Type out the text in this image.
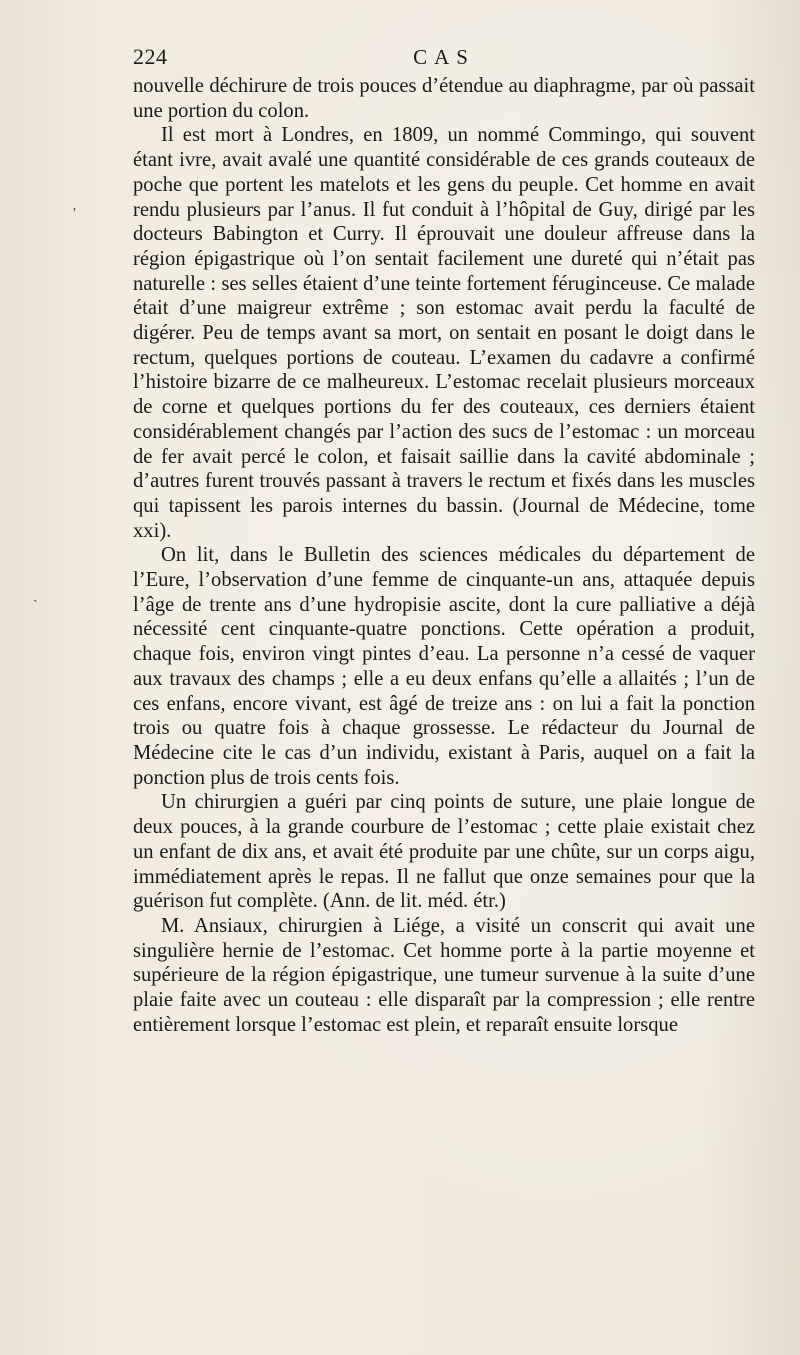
224	CAS

nouvelle déchirure de trois pouces d’étendue au diaphragme, par où passait une portion du colon.

Il est mort à Londres, en 1809, un nommé Commingo, qui souvent étant ivre, avait avalé une quantité considérable de ces grands couteaux de poche que portent les matelots et les gens du peuple. Cet homme en avait rendu plusieurs par l’anus. Il fut conduit à l’hôpital de Guy, dirigé par les docteurs Babington et Curry. Il éprouvait une douleur affreuse dans la région épigastrique où l’on sentait facilement une dureté qui n’était pas naturelle : ses selles étaient d’une teinte fortement féruginceuse. Ce malade était d’une maigreur extrême ; son estomac avait perdu la faculté de digérer. Peu de temps avant sa mort, on sentait en posant le doigt dans le rectum, quelques portions de couteau. L’examen du cadavre a confirmé l’histoire bizarre de ce malheureux. L’estomac recelait plusieurs morceaux de corne et quelques portions du fer des couteaux, ces derniers étaient considérablement changés par l’action des sucs de l’estomac : un morceau de fer avait percé le colon, et faisait saillie dans la cavité abdominale ; d’autres furent trouvés passant à travers le rectum et fixés dans les muscles qui tapissent les parois internes du bassin. (Journal de Médecine, tome xxi).

On lit, dans le Bulletin des sciences médicales du département de l’Eure, l’observation d’une femme de cinquante-un ans, attaquée depuis l’âge de trente ans d’une hydropisie ascite, dont la cure palliative a déjà nécessité cent cinquante-quatre ponctions. Cette opération a produit, chaque fois, environ vingt pintes d’eau. La personne n’a cessé de vaquer aux travaux des champs ; elle a eu deux enfans qu’elle a allaités ; l’un de ces enfans, encore vivant, est âgé de treize ans : on lui a fait la ponction trois ou quatre fois à chaque grossesse. Le rédacteur du Journal de Médecine cite le cas d’un individu, existant à Paris, auquel on a fait la ponction plus de trois cents fois.

Un chirurgien a guéri par cinq points de suture, une plaie longue de deux pouces, à la grande courbure de l’estomac ; cette plaie existait chez un enfant de dix ans, et avait été produite par une chûte, sur un corps aigu, immédiatement après le repas. Il ne fallut que onze semaines pour que la guérison fut complète. (Ann. de lit. méd. étr.)

M. Ansiaux, chirurgien à Liége, a visité un conscrit qui avait une singulière hernie de l’estomac. Cet homme porte à la partie moyenne et supérieure de la région épigastrique, une tumeur survenue à la suite d’une plaie faite avec un couteau : elle disparaît par la compression ; elle rentre entièrement lorsque l’estomac est plein, et reparaît ensuite lorsque

’
ˎ
